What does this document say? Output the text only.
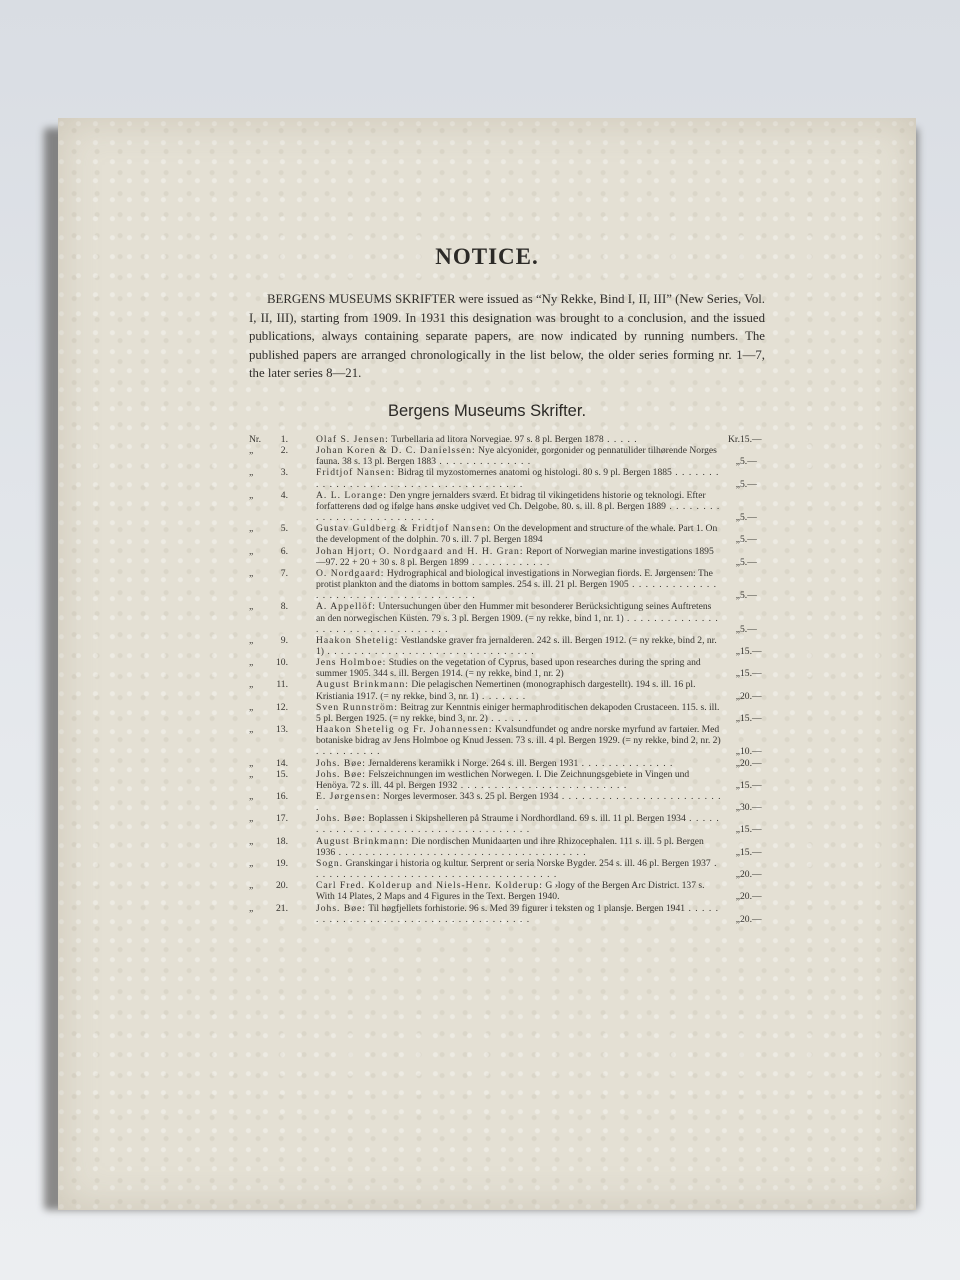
NOTICE.

BERGENS MUSEUMS SKRIFTER were issued as “Ny Rekke, Bind I, II, III” (New Series, Vol. I, II, III), starting from 1909. In 1931 this designation was brought to a conclusion, and the issued publications, always containing separate papers, are now indicated by running numbers. The published papers are arranged chronologically in the list below, the older series forming nr. 1—7, the later series 8—21.

Bergens Museums Skrifter.
Nr.	1.	Olaf S. Jensen: Turbellaria ad litora Norvegiae. 97 s. 8 pl. Bergen 1878 . . . . .	Kr. 15.—
„	2.	Johan Koren & D. C. Danielssen: Nye alcyonider, gorgonider og pennatulider tilhørende Norges fauna. 38 s. 13 pl. Bergen 1883 . . . . . . . . . . . . . .	„ 5.—
„	3.	Fridtjof Nansen: Bidrag til myzostomernes anatomi og histologi. 80 s. 9 pl. Bergen 1885 . . . . . . . . . . . . . . . . . . . . . . . . . . . . . . . . . . . . . .	„ 5.—
„	4.	A. L. Lorange: Den yngre jernalders sværd. Et bidrag til vikingetidens historie og teknologi. Efter forfatterens død og ifølge hans ønske udgivet ved Ch. Delgobe. 80. s. ill. 8 pl. Bergen 1889 . . . . . . . . . . . . . . . . . . . . . . . . . .	„ 5.—
„	5.	Gustav Guldberg & Fridtjof Nansen: On the development and structure of the whale. Part 1. On the development of the dolphin. 70 s. ill. 7 pl. Bergen 1894	„ 5.—
„	6.	Johan Hjort, O. Nordgaard and H. H. Gran: Report of Norwegian marine investigations 1895—97. 22 + 20 + 30 s. 8 pl. Bergen 1899 . . . . . . . . . . . .	„ 5.—
„	7.	O. Nordgaard: Hydrographical and biological investigations in Norwegian fiords. E. Jørgensen: The protist plankton and the diatoms in bottom samples. 254 s. ill. 21 pl. Bergen 1905 . . . . . . . . . . . . . . . . . . . . . . . . . . . . . . . . . . . . .	„ 5.—
„	8.	A. Appellöf: Untersuchungen über den Hummer mit besonderer Berücksichtigung seines Auftretens an den norwegischen Küsten. 79 s. 3 pl. Bergen 1909. (= ny rekke, bind 1, nr. 1) . . . . . . . . . . . . . . . . . . . . . . . . . . . . . . . . . .	„ 5.—
„	9.	Haakon Shetelig: Vestlandske graver fra jernalderen. 242 s. ill. Bergen 1912. (= ny rekke, bind 2, nr. 1) . . . . . . . . . . . . . . . . . . . . . . . . . . . . . . .	„ 15.—
„	10.	Jens Holmboe: Studies on the vegetation of Cyprus, based upon researches during the spring and summer 1905. 344 s. ill. Bergen 1914. (= ny rekke, bind 1, nr. 2)	„ 15.—
„	11.	August Brinkmann: Die pelagischen Nemertinen (monographisch dargestellt). 194 s. ill. 16 pl. Kristiania 1917. (= ny rekke, bind 3, nr. 1) . . . . . . .	„ 20.—
„	12.	Sven Runnström: Beitrag zur Kenntnis einiger hermaphroditischen dekapoden Crustaceen. 115. s. ill. 5 pl. Bergen 1925. (= ny rekke, bind 3, nr. 2) . . . . . .	„ 15.—
„	13.	Haakon Shetelig og Fr. Johannessen: Kvalsundfundet og andre norske myrfund av fartøier. Med botaniske bidrag av Jens Holmboe og Knud Jessen. 73 s. ill. 4 pl. Bergen 1929. (= ny rekke, bind 2, nr. 2) . . . . . . . . . .	„ 10.—
„	14.	Johs. Bøe: Jernalderens keramikk i Norge. 264 s. ill. Bergen 1931 . . . . . . . . . . . . . .	„ 20.—
„	15.	Johs. Bøe: Felszeichnungen im westlichen Norwegen. I. Die Zeichnungsgebiete in Vingen und Henöya. 72 s. ill. 44 pl. Bergen 1932 . . . . . . . . . . . . . . . . . . . . . . . . .	„ 15.—
„	16.	E. Jørgensen: Norges levermoser. 343 s. 25 pl. Bergen 1934 . . . . . . . . . . . . . . . . . . . . . . . . .	„ 30.—
„	17.	Johs. Bøe: Boplassen i Skipshelleren på Straume i Nordhordland. 69 s. ill. 11 pl. Bergen 1934 . . . . . . . . . . . . . . . . . . . . . . . . . . . . . . . . . . . . .	„ 15.—
„	18.	August Brinkmann: Die nordischen Munidaarten und ihre Rhizocephalen. 111 s. ill. 5 pl. Bergen 1936 . . . . . . . . . . . . . . . . . . . . . . . . . . . . . . . . . . . . .	„ 15.—
„	19.	Sogn. Granskingar i historia og kultur. Serprent or seria Norske Bygder. 254 s. ill. 46 pl. Bergen 1937 . . . . . . . . . . . . . . . . . . . . . . . . . . . . . . . . . . . . .	„ 20.—
„	20.	Carl Fred. Kolderup and Niels-Henr. Kolderup: G ›logy of the Bergen Arc District. 137 s. With 14 Plates, 2 Maps and 4 Figures in the Text. Bergen 1940.	„ 20.—
„	21.	Johs. Bøe: Til høgfjellets forhistorie. 96 s. Med 39 figurer i teksten og 1 plansje. Bergen 1941 . . . . . . . . . . . . . . . . . . . . . . . . . . . . . . . . . . . . .	„ 20.—
